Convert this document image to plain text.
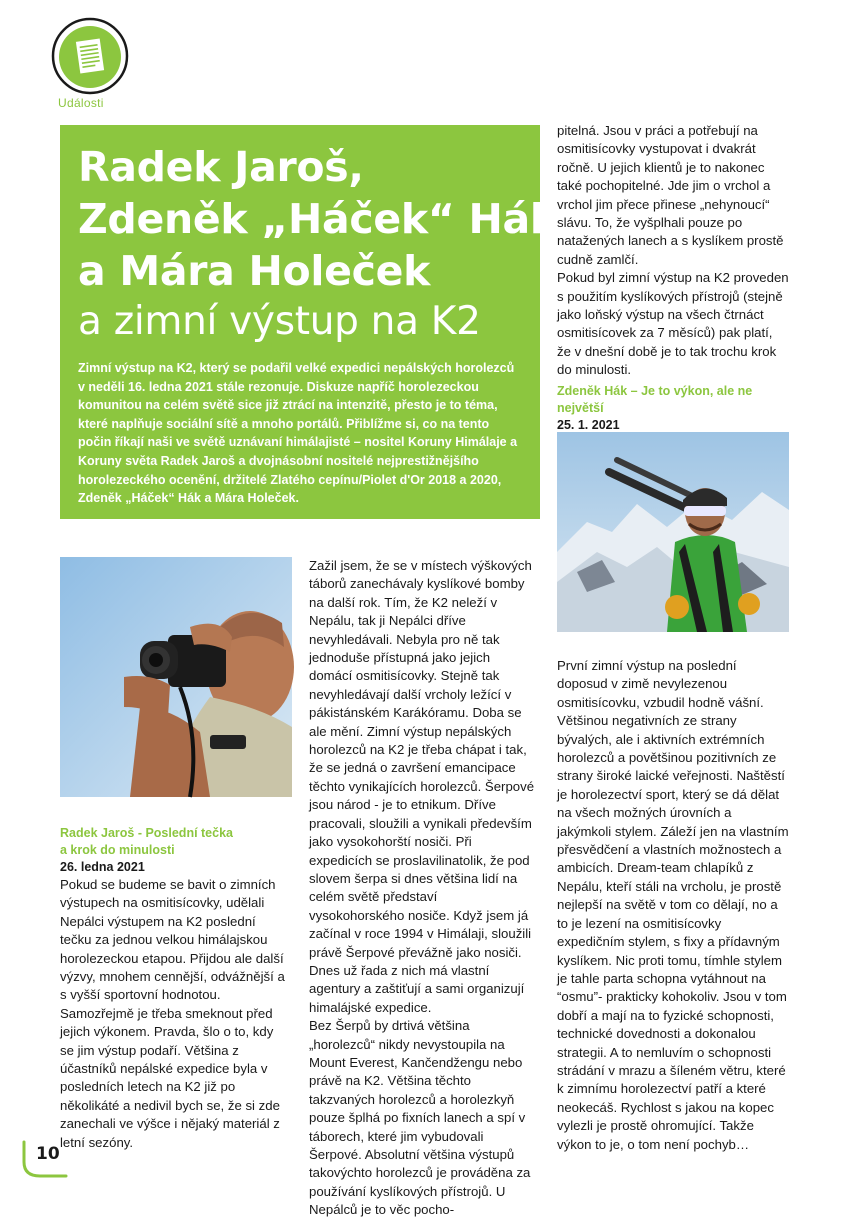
Události
Radek Jaroš,
Zdeněk „Háček“ Hák
a Mára Holeček
a zimní výstup na K2

Zimní výstup na K2, který se podařil velké expedici nepálských horolezců v neděli 16. ledna 2021 stále rezonuje. Diskuze napříč horolezeckou komunitou na celém světě sice již ztrácí na intenzitě, přesto je to téma, které naplňuje sociální sítě a mnoho portálů. Přiblížme si, co na tento počin říkají naši ve světě uznávaní himálajisté – nositel Koruny Himálaje a Koruny světa Radek Jaroš a dvojnásobní nositelé nejprestižnějšího horolezeckého ocenění, držitelé Zlatého cepínu/Piolet d'Or 2018 a 2020, Zdeněk „Háček“ Hák a Mára Holeček.

pitelná. Jsou v práci a potřebují na osmitisícovky vystupovat i dvakrát ročně. U jejich klientů je to nakonec také pochopitelné. Jde jim o vrchol a vrchol jim přece přinese „nehynoucí“ slávu. To, že vyšplhali pouze po natažených lanech a s kyslíkem prostě cudně zamlčí.

Pokud byl zimní výstup na K2 proveden s použitím kyslíkových přístrojů (stejně jako loňský výstup na všech čtrnáct osmitisícovek za 7 měsíců) pak platí, že v dnešní době je to tak trochu krok do minulosti.

Zdeněk Hák – Je to výkon, ale ne největší
25. 1. 2021
Radek Jaroš - Poslední tečka
a krok do minulosti
26. ledna 2021

Pokud se budeme se bavit o zimních výstupech na osmitisícovky, udělali Nepálci výstupem na K2 poslední tečku za jednou velkou himálajskou horolezeckou etapou. Přijdou ale další výzvy, mnohem cennější, odvážnější a s vyšší sportovní hodnotou. Samozřejmě je třeba smeknout před jejich výkonem. Pravda, šlo o to, kdy se jim výstup podaří. Většina z účastníků nepálské expedice byla v posledních letech na K2 již po několikáté a nedivil bych se, že si zde zanechali ve výšce i nějaký materiál z letní sezóny.

Zažil jsem, že se v místech výškových táborů zanechávaly kyslíkové bomby na další rok. Tím, že K2 neleží v Nepálu, tak ji Nepálci dříve nevyhledávali. Nebyla pro ně tak jednoduše přístupná jako jejich domácí osmitisícovky. Stejně tak nevyhledávají další vrcholy ležící v pákistánském Karákóramu. Doba se ale mění. Zimní výstup nepálských horolezců na K2 je třeba chápat i tak, že se jedná o završení emancipace těchto vynikajících horolezců. Šerpové jsou národ - je to etnikum. Dříve pracovali, sloužili a vynikali především jako vysokohorští nosiči. Při expedicích se proslavilinatolik, že pod slovem šerpa si dnes většina lidí na celém světě představí vysokohorského nosiče. Když jsem já začínal v roce 1994 v Himálaji, sloužili právě Šerpové převážně jako nosiči. Dnes už řada z nich má vlastní agentury a zaštiťují a sami organizují himalájské expedice.

Bez Šerpů by drtivá většina „horolezců“ nikdy nevystoupila na Mount Everest, Kančendžengu nebo právě na K2. Většina těchto takzvaných horolezců a horolezkyň pouze šplhá po fixních lanech a spí v táborech, které jim vybudovali Šerpové. Absolutní většina výstupů takovýchto horolezců je prováděna za používání kyslíkových přístrojů. U Nepálců je to věc pocho-

První zimní výstup na poslední doposud v zimě nevylezenou osmitisícovku, vzbudil hodně vášní. Většinou negativních ze strany bývalých, ale i aktivních extrémních horolezců a povětšinou pozitivních ze strany široké laické veřejnosti. Naštěstí je horolezectví sport, který se dá dělat na všech možných úrovních a jakýmkoli stylem. Záleží jen na vlastním přesvědčení a vlastních možnostech a ambicích. Dream-team chlapíků z Nepálu, kteří stáli na vrcholu, je prostě nejlepší na světě v tom co dělají, no a to je lezení na osmitisícovky expedičním stylem, s fixy a přídavným kyslíkem. Nic proti tomu, tímhle stylem je tahle parta schopna vytáhnout na “osmu”- prakticky kohokoliv. Jsou v tom dobří a mají na to fyzické schopnosti, technické dovednosti a dokonalou strategii. A to nemluvím o schopnosti strádání v mrazu a šíleném větru, které k zimnímu horolezectví patří a které neokecáš. Rychlost s jakou na kopec vylezli je prostě ohromující. Takže výkon to je, o tom není pochyb…

10
